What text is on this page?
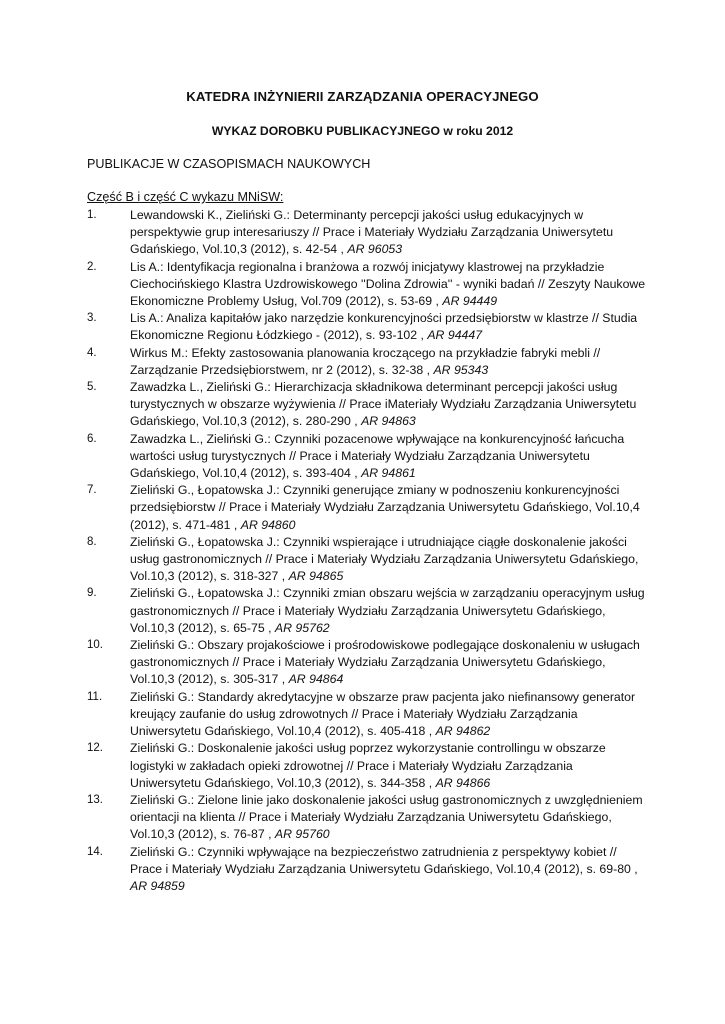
KATEDRA INŻYNIERII ZARZĄDZANIA OPERACYJNEGO
WYKAZ DOROBKU PUBLIKACYJNEGO w roku 2012
PUBLIKACJE W CZASOPISMACH NAUKOWYCH
Część B i część C wykazu MNiSW:
1.	Lewandowski K., Zieliński G.: Determinanty percepcji jakości usług edukacyjnych w perspektywie grup interesariuszy // Prace i Materiały Wydziału Zarządzania Uniwersytetu Gdańskiego, Vol.10,3 (2012), s. 42-54 , AR 96053
2.	Lis A.: Identyfikacja regionalna i branżowa a rozwój inicjatywy klastrowej na przykładzie Ciechocińskiego Klastra Uzdrowiskowego ''Dolina Zdrowia'' - wyniki badań // Zeszyty Naukowe Ekonomiczne Problemy Usług, Vol.709 (2012), s. 53-69 , AR 94449
3.	Lis A.: Analiza kapitałów jako narzędzie konkurencyjności przedsiębiorstw w klastrze // Studia Ekonomiczne Regionu Łódzkiego - (2012), s. 93-102 , AR 94447
4.	Wirkus M.: Efekty zastosowania planowania kroczącego na przykładzie fabryki mebli // Zarządzanie Przedsiębiorstwem, nr 2 (2012), s. 32-38 , AR 95343
5.	Zawadzka L., Zieliński G.: Hierarchizacja składnikowa determinant percepcji jakości usług turystycznych w obszarze wyżywienia // Prace iMateriały Wydziału Zarządzania Uniwersytetu Gdańskiego, Vol.10,3 (2012), s. 280-290 , AR 94863
6.	Zawadzka L., Zieliński G.: Czynniki pozacenowe wpływające na konkurencyjność łańcucha wartości usług turystycznych // Prace i Materiały Wydziału Zarządzania Uniwersytetu Gdańskiego, Vol.10,4 (2012), s. 393-404 , AR 94861
7.	Zieliński G., Łopatowska J.: Czynniki generujące zmiany w podnoszeniu konkurencyjności przedsiębiorstw // Prace i Materiały Wydziału Zarządzania Uniwersytetu Gdańskiego, Vol.10,4 (2012), s. 471-481 , AR 94860
8.	Zieliński G., Łopatowska J.: Czynniki wspierające i utrudniające ciągłe doskonalenie jakości usług gastronomicznych // Prace i Materiały Wydziału Zarządzania Uniwersytetu Gdańskiego, Vol.10,3 (2012), s. 318-327 , AR 94865
9.	Zieliński G., Łopatowska J.: Czynniki zmian obszaru wejścia w zarządzaniu operacyjnym usług gastronomicznych // Prace i Materiały Wydziału Zarządzania Uniwersytetu Gdańskiego, Vol.10,3 (2012), s. 65-75 , AR 95762
10. Zieliński G.: Obszary projakościowe i prośrodowiskowe podlegające doskonaleniu w usługach gastronomicznych // Prace i Materiały Wydziału Zarządzania Uniwersytetu Gdańskiego, Vol.10,3 (2012), s. 305-317 , AR 94864
11. Zieliński G.: Standardy akredytacyjne w obszarze praw pacjenta jako niefinansowy generator kreujący zaufanie do usług zdrowotnych // Prace i Materiały Wydziału Zarządzania Uniwersytetu Gdańskiego, Vol.10,4 (2012), s. 405-418 , AR 94862
12. Zieliński G.: Doskonalenie jakości usług poprzez wykorzystanie controllingu w obszarze logistyki w zakładach opieki zdrowotnej // Prace i Materiały Wydziału Zarządzania Uniwersytetu Gdańskiego, Vol.10,3 (2012), s. 344-358 , AR 94866
13. Zieliński G.: Zielone linie jako doskonalenie jakości usług gastronomicznych z uwzględnieniem orientacji na klienta // Prace i Materiały Wydziału Zarządzania Uniwersytetu Gdańskiego, Vol.10,3 (2012), s. 76-87 , AR 95760
14. Zieliński G.: Czynniki wpływające na bezpieczeństwo zatrudnienia z perspektywy kobiet // Prace i Materiały Wydziału Zarządzania Uniwersytetu Gdańskiego, Vol.10,4 (2012), s. 69-80 , AR 94859
